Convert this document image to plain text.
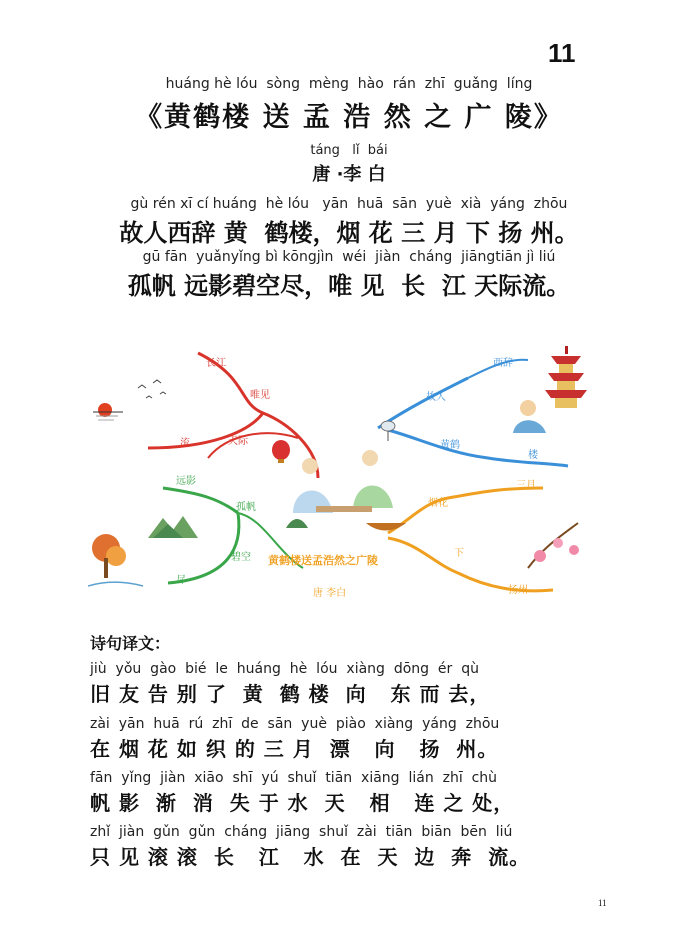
11
huáng hè lóu  sòng  mèng  hào  rán  zhī  guǎng  líng
《黄鹤楼 送 孟 浩 然 之 广 陵》
táng   lǐ  bái
唐 ·李 白
gù rén xī cí huáng  hè lóu   yān  huā  sān  yuè  xià  yáng  zhōu
故人西辞 黄  鹤楼，烟 花 三 月 下 扬 州。
gū fān  yuǎnyǐng bì kōngjìn  wéi  jiàn  cháng  jiāngtiān jì liú
孤帆 远影碧空尽，唯 见  长  江 天际流。
长江
唯见
天际
流
远影
孤帆
碧空
尽
故人
西辞
黄鹤
楼
烟花
三月
下
扬州
黄鹤楼送孟浩然之广陵
唐 李白
诗句译文：
jiù  yǒu  gào  bié  le  huáng  hè  lóu  xiàng  dōng  ér  qù
旧 友 告 别 了  黄  鹤 楼  向   东 而 去，
zài  yān  huā  rú  zhī  de  sān  yuè  piào  xiàng  yáng  zhōu
在 烟 花 如 织 的 三 月  漂   向   扬  州。
fān  yǐng  jiàn  xiāo  shī  yú  shuǐ  tiān  xiāng  lián  zhī  chù
帆 影  渐  消  失 于 水  天   相   连 之 处，
zhǐ  jiàn  gǔn  gǔn  cháng  jiāng  shuǐ  zài  tiān  biān  bēn  liú
只 见 滚 滚  长   江   水  在  天  边  奔  流。
11
